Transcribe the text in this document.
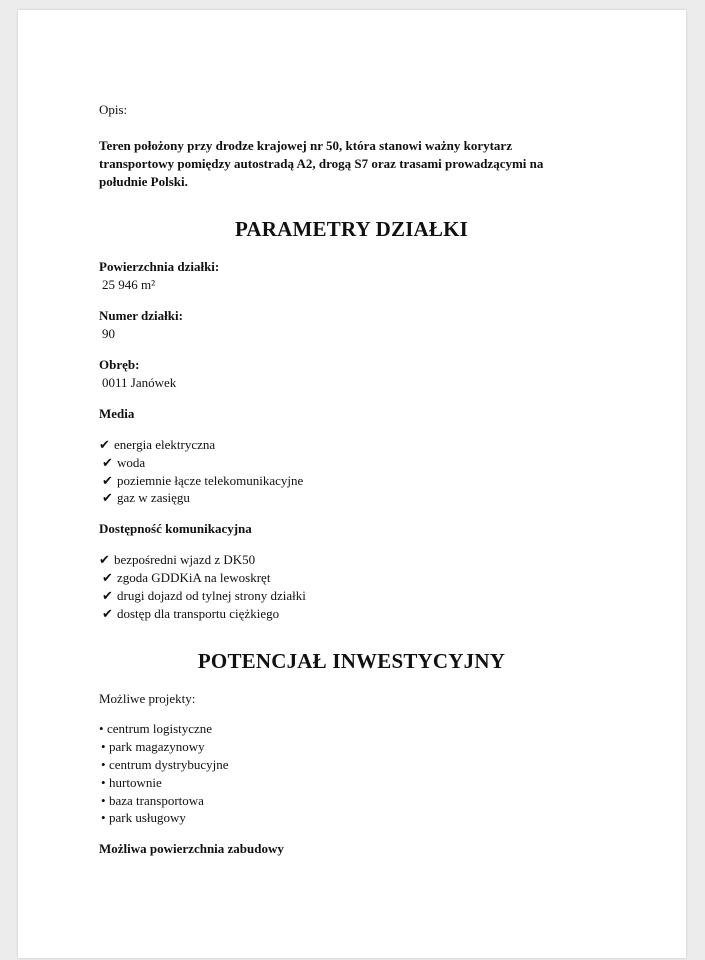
Opis:

Teren położony przy drodze krajowej nr 50, która stanowi ważny korytarz transportowy pomiędzy autostradą A2, drogą S7 oraz trasami prowadzącymi na południe Polski.

PARAMETRY DZIAŁKI

Powierzchnia działki:

25 946 m²

Numer działki:

90

Obręb:

0011 Janówek

Media

✔ energia elektryczna
✔ woda
✔ poziemnie łącze telekomunikacyjne
✔ gaz w zasięgu

Dostępność komunikacyjna

✔ bezpośredni wjazd z DK50
✔ zgoda GDDKiA na lewoskręt
✔ drugi dojazd od tylnej strony działki
✔ dostęp dla transportu ciężkiego

POTENCJAŁ INWESTYCYJNY

Możliwe projekty:

• centrum logistyczne
• park magazynowy
• centrum dystrybucyjne
• hurtownie
• baza transportowa
• park usługowy

Możliwa powierzchnia zabudowy
